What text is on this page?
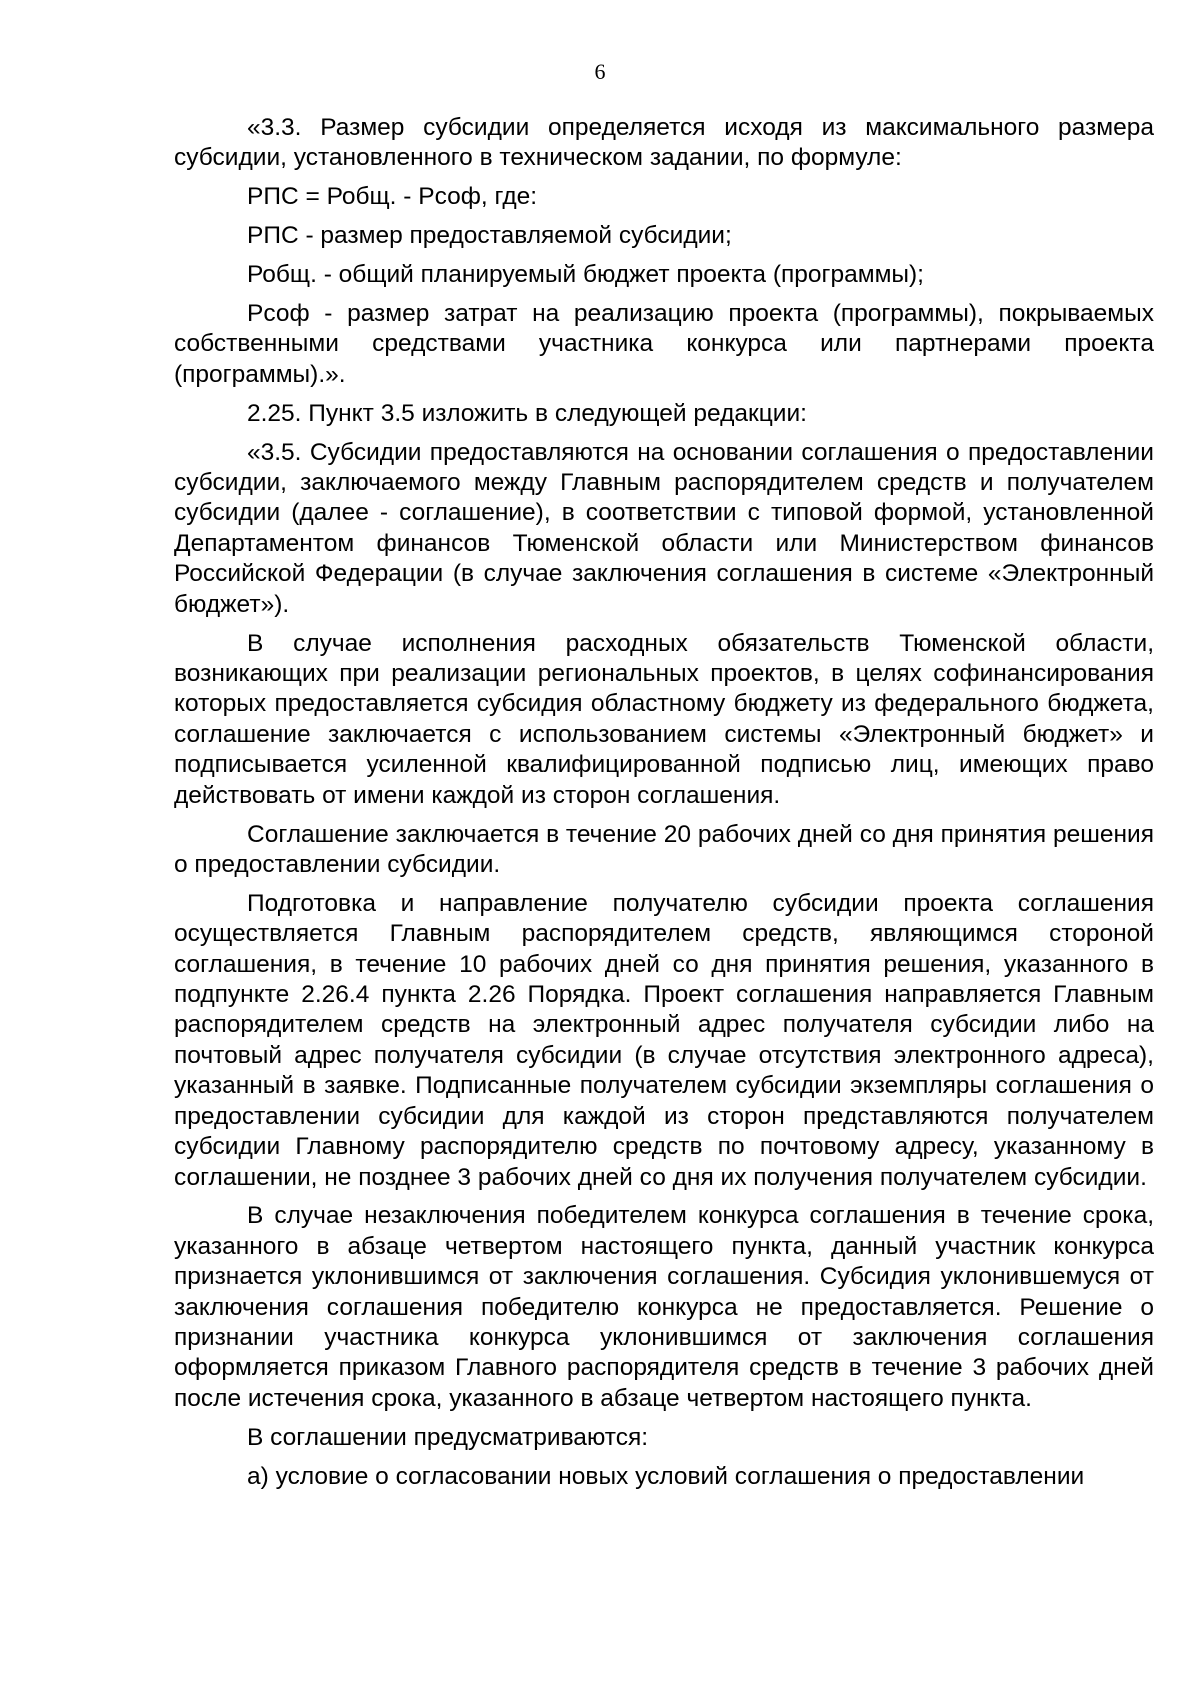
6

«3.3. Размер субсидии определяется исходя из максимального размера субсидии, установленного в техническом задании, по формуле:

РПС = Робщ. - Рсоф, где:

РПС - размер предоставляемой субсидии;

Робщ. - общий планируемый бюджет проекта (программы);

Рсоф - размер затрат на реализацию проекта (программы), покрываемых собственными средствами участника конкурса или партнерами проекта (программы).».

2.25. Пункт 3.5 изложить в следующей редакции:

«3.5. Субсидии предоставляются на основании соглашения о предоставлении субсидии, заключаемого между Главным распорядителем средств и получателем субсидии (далее - соглашение), в соответствии с типовой формой, установленной Департаментом финансов Тюменской области или Министерством финансов Российской Федерации (в случае заключения соглашения в системе «Электронный бюджет»).

В случае исполнения расходных обязательств Тюменской области, возникающих при реализации региональных проектов, в целях софинансирования которых предоставляется субсидия областному бюджету из федерального бюджета, соглашение заключается с использованием системы «Электронный бюджет» и подписывается усиленной квалифицированной подписью лиц, имеющих право действовать от имени каждой из сторон соглашения.

Соглашение заключается в течение 20 рабочих дней со дня принятия решения о предоставлении субсидии.

Подготовка и направление получателю субсидии проекта соглашения осуществляется Главным распорядителем средств, являющимся стороной соглашения, в течение 10 рабочих дней со дня принятия решения, указанного в подпункте 2.26.4 пункта 2.26 Порядка. Проект соглашения направляется Главным распорядителем средств на электронный адрес получателя субсидии либо на почтовый адрес получателя субсидии (в случае отсутствия электронного адреса), указанный в заявке. Подписанные получателем субсидии экземпляры соглашения о предоставлении субсидии для каждой из сторон представляются получателем субсидии Главному распорядителю средств по почтовому адресу, указанному в соглашении, не позднее 3 рабочих дней со дня их получения получателем субсидии.

В случае незаключения победителем конкурса соглашения в течение срока, указанного в абзаце четвертом настоящего пункта, данный участник конкурса признается уклонившимся от заключения соглашения. Субсидия уклонившемуся от заключения соглашения победителю конкурса не предоставляется. Решение о признании участника конкурса уклонившимся от заключения соглашения оформляется приказом Главного распорядителя средств в течение 3 рабочих дней после истечения срока, указанного в абзаце четвертом настоящего пункта.

В соглашении предусматриваются:

а) условие о согласовании новых условий соглашения о предоставлении
